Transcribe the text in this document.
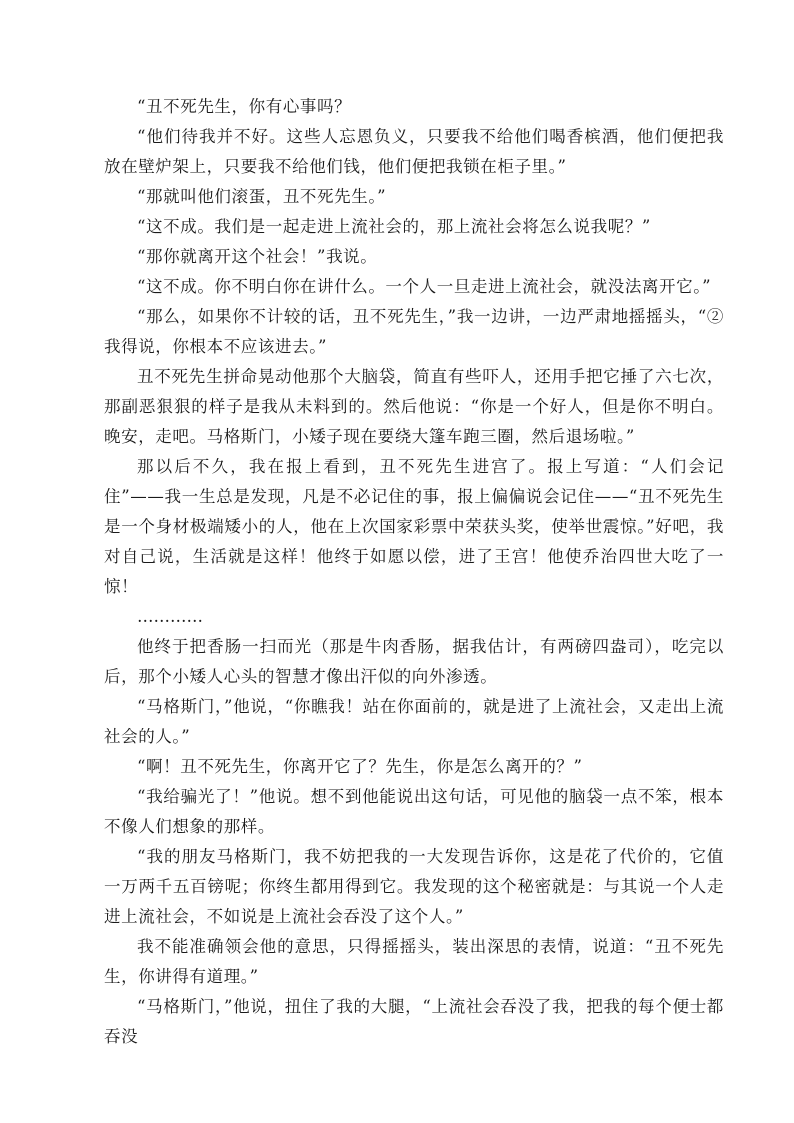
“丑不死先生，你有心事吗？

“他们待我并不好。这些人忘恩负义，只要我不给他们喝香槟酒，他们便把我放在壁炉架上，只要我不给他们钱，他们便把我锁在柜子里。”

“那就叫他们滚蛋，丑不死先生。”

“这不成。我们是一起走进上流社会的，那上流社会将怎么说我呢？”

“那你就离开这个社会！”我说。

“这不成。你不明白你在讲什么。一个人一旦走进上流社会，就没法离开它。”

“那么，如果你不计较的话，丑不死先生，”我一边讲，一边严肃地摇摇头，“②我得说，你根本不应该进去。”

丑不死先生拼命晃动他那个大脑袋，简直有些吓人，还用手把它捶了六七次，那副恶狠狠的样子是我从未料到的。然后他说：“你是一个好人，但是你不明白。晚安，走吧。马格斯门，小矮子现在要绕大篷车跑三圈，然后退场啦。”

那以后不久，我在报上看到，丑不死先生进宫了。报上写道：“人们会记住”——我一生总是发现，凡是不必记住的事，报上偏偏说会记住——“丑不死先生是一个身材极端矮小的人，他在上次国家彩票中荣获头奖，使举世震惊。”好吧，我对自己说，生活就是这样！他终于如愿以偿，进了王宫！他使乔治四世大吃了一惊！

…………

他终于把香肠一扫而光（那是牛肉香肠，据我估计，有两磅四盎司），吃完以后，那个小矮人心头的智慧才像出汗似的向外渗透。

“马格斯门，”他说，“你瞧我！站在你面前的，就是进了上流社会，又走出上流社会的人。”

“啊！丑不死先生，你离开它了？先生，你是怎么离开的？”

“我给骗光了！”他说。想不到他能说出这句话，可见他的脑袋一点不笨，根本不像人们想象的那样。

“我的朋友马格斯门，我不妨把我的一大发现告诉你，这是花了代价的，它值一万两千五百镑呢；你终生都用得到它。我发现的这个秘密就是：与其说一个人走进上流社会，不如说是上流社会吞没了这个人。”

我不能准确领会他的意思，只得摇摇头，装出深思的表情，说道：“丑不死先生，你讲得有道理。”

“马格斯门，”他说，扭住了我的大腿，“上流社会吞没了我，把我的每个便士都吞没
